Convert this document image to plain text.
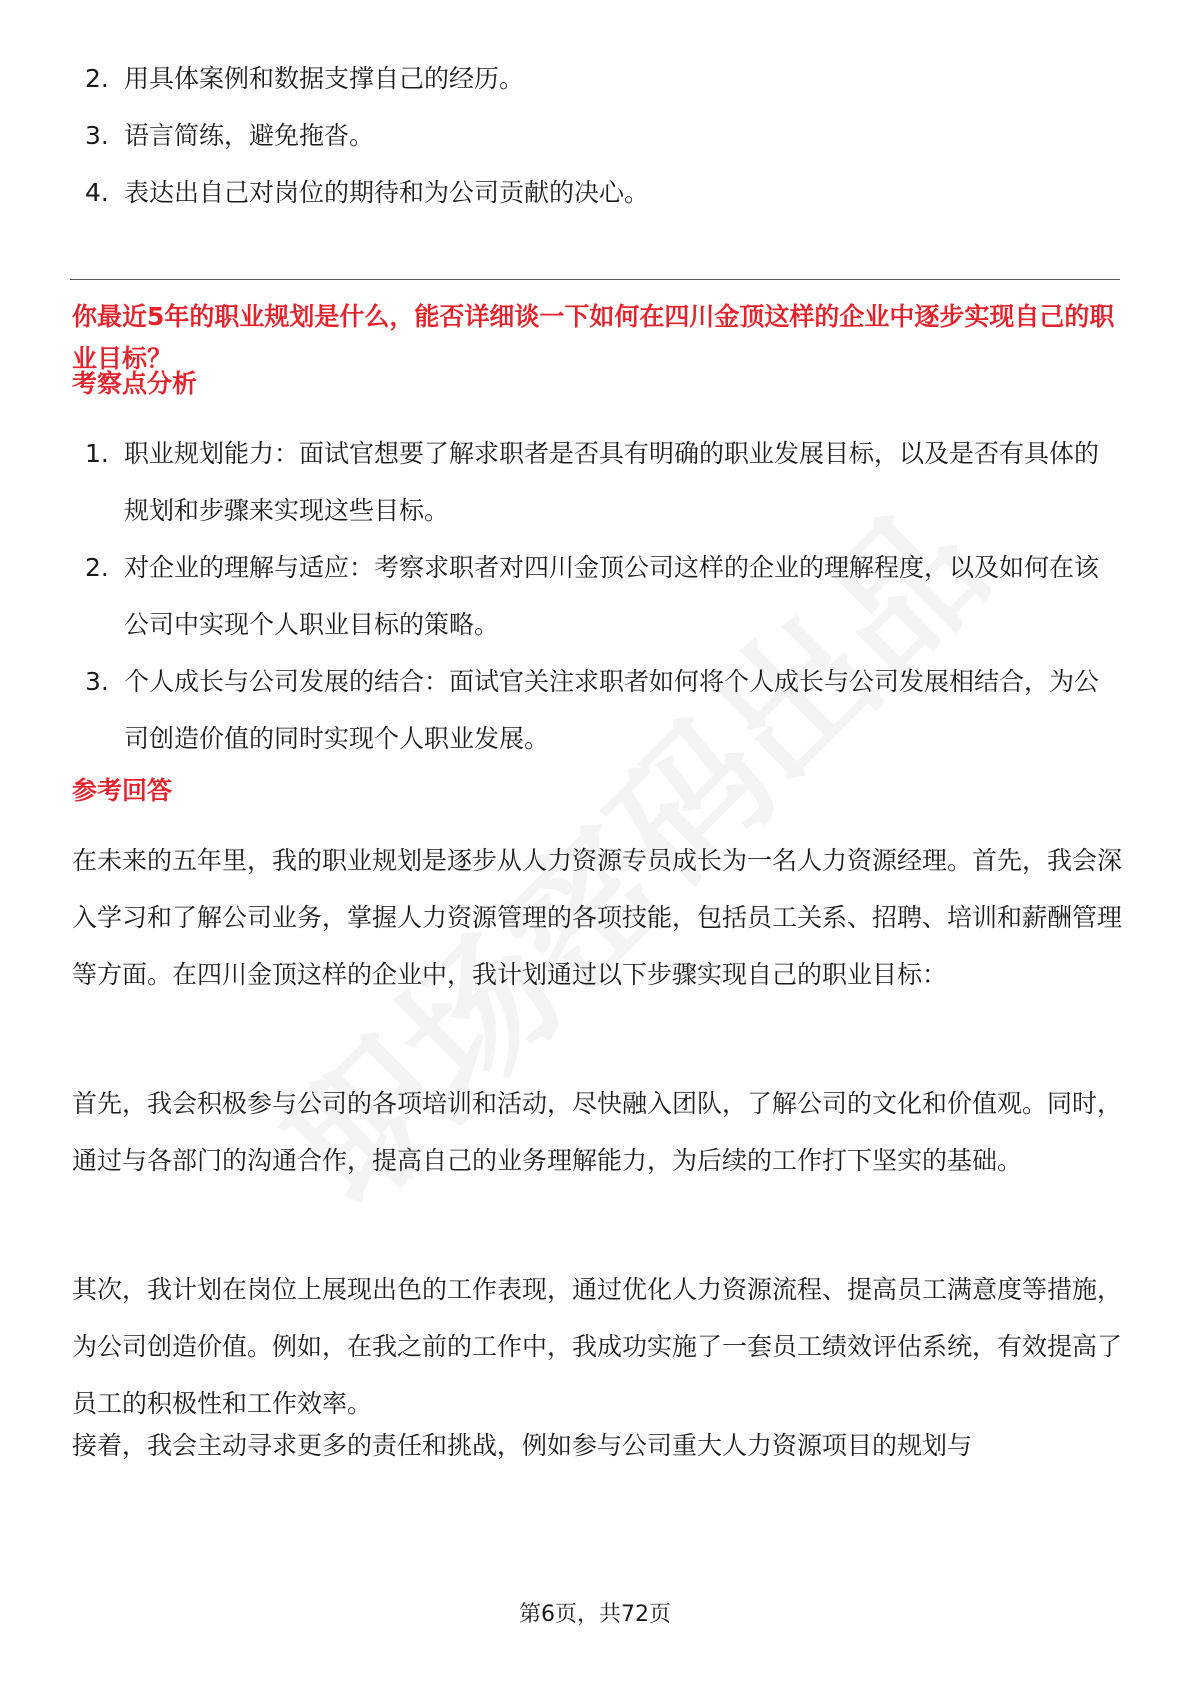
2. 用具体案例和数据支撑自己的经历。
3. 语言简练，避免拖沓。
4. 表达出自己对岗位的期待和为公司贡献的决心。
你最近5年的职业规划是什么，能否详细谈一下如何在四川金顶这样的企业中逐步实现自己的职业目标？
考察点分析
1. 职业规划能力：面试官想要了解求职者是否具有明确的职业发展目标，以及是否有具体的规划和步骤来实现这些目标。
2. 对企业的理解与适应：考察求职者对四川金顶公司这样的企业的理解程度，以及如何在该公司中实现个人职业目标的策略。
3. 个人成长与公司发展的结合：面试官关注求职者如何将个人成长与公司发展相结合，为公司创造价值的同时实现个人职业发展。
参考回答
在未来的五年里，我的职业规划是逐步从人力资源专员成长为一名人力资源经理。首先，我会深入学习和了解公司业务，掌握人力资源管理的各项技能，包括员工关系、招聘、培训和薪酬管理等方面。在四川金顶这样的企业中，我计划通过以下步骤实现自己的职业目标：
首先，我会积极参与公司的各项培训和活动，尽快融入团队，了解公司的文化和价值观。同时，通过与各部门的沟通合作，提高自己的业务理解能力，为后续的工作打下坚实的基础。
其次，我计划在岗位上展现出色的工作表现，通过优化人力资源流程、提高员工满意度等措施，为公司创造价值。例如，在我之前的工作中，我成功实施了一套员工绩效评估系统，有效提高了员工的积极性和工作效率。
接着，我会主动寻求更多的责任和挑战，例如参与公司重大人力资源项目的规划与
第6页，共72页
